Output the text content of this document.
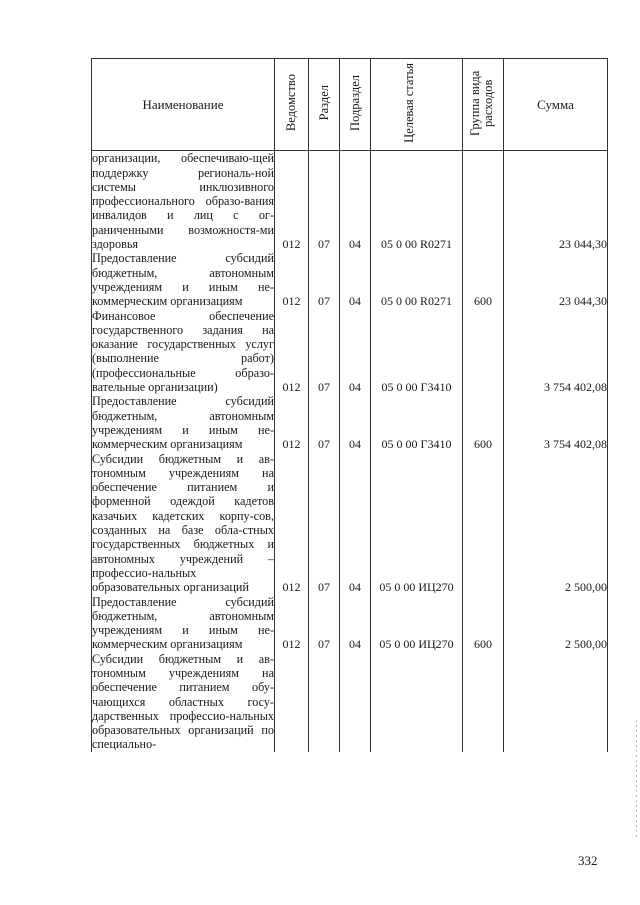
Наименование	Ведомство	Раздел	Подраздел	Целевая статья	Группа вида расходов	Сумма
организации, обеспечиваю-щей поддержку региональ-ной системы инклюзивного профессионального образо-вания инвалидов и лиц с ог-раниченными возможностя-ми здоровья	012	07	04	05 0 00 R0271		23 044,30
Предоставление субсидий бюджетным, автономным учреждениям и иным не-коммерческим организациям	012	07	04	05 0 00 R0271	600	23 044,30
Финансовое обеспечение государственного задания на оказание государственных услуг (выполнение работ) (профессиональные образо-вательные организации)	012	07	04	05 0 00 Г3410		3 754 402,08
Предоставление субсидий бюджетным, автономным учреждениям и иным не-коммерческим организациям	012	07	04	05 0 00 Г3410	600	3 754 402,08
Субсидии бюджетным и ав-тономным учреждениям на обеспечение питанием и форменной одеждой кадетов казачьих кадетских корпу-сов, созданных на базе обла-стных государственных бюджетных и автономных учреждений – профессио-нальных образовательных организаций	012	07	04	05 0 00 ИЦ270		2 500,00
Предоставление субсидий бюджетным, автономным учреждениям и иным не-коммерческим организациям	012	07	04	05 0 00 ИЦ270	600	2 500,00
Субсидии бюджетным и ав-тономным учреждениям на обеспечение питанием обу-чающихся областных госу-дарственных профессио-нальных образовательных организаций по специально-						
332
